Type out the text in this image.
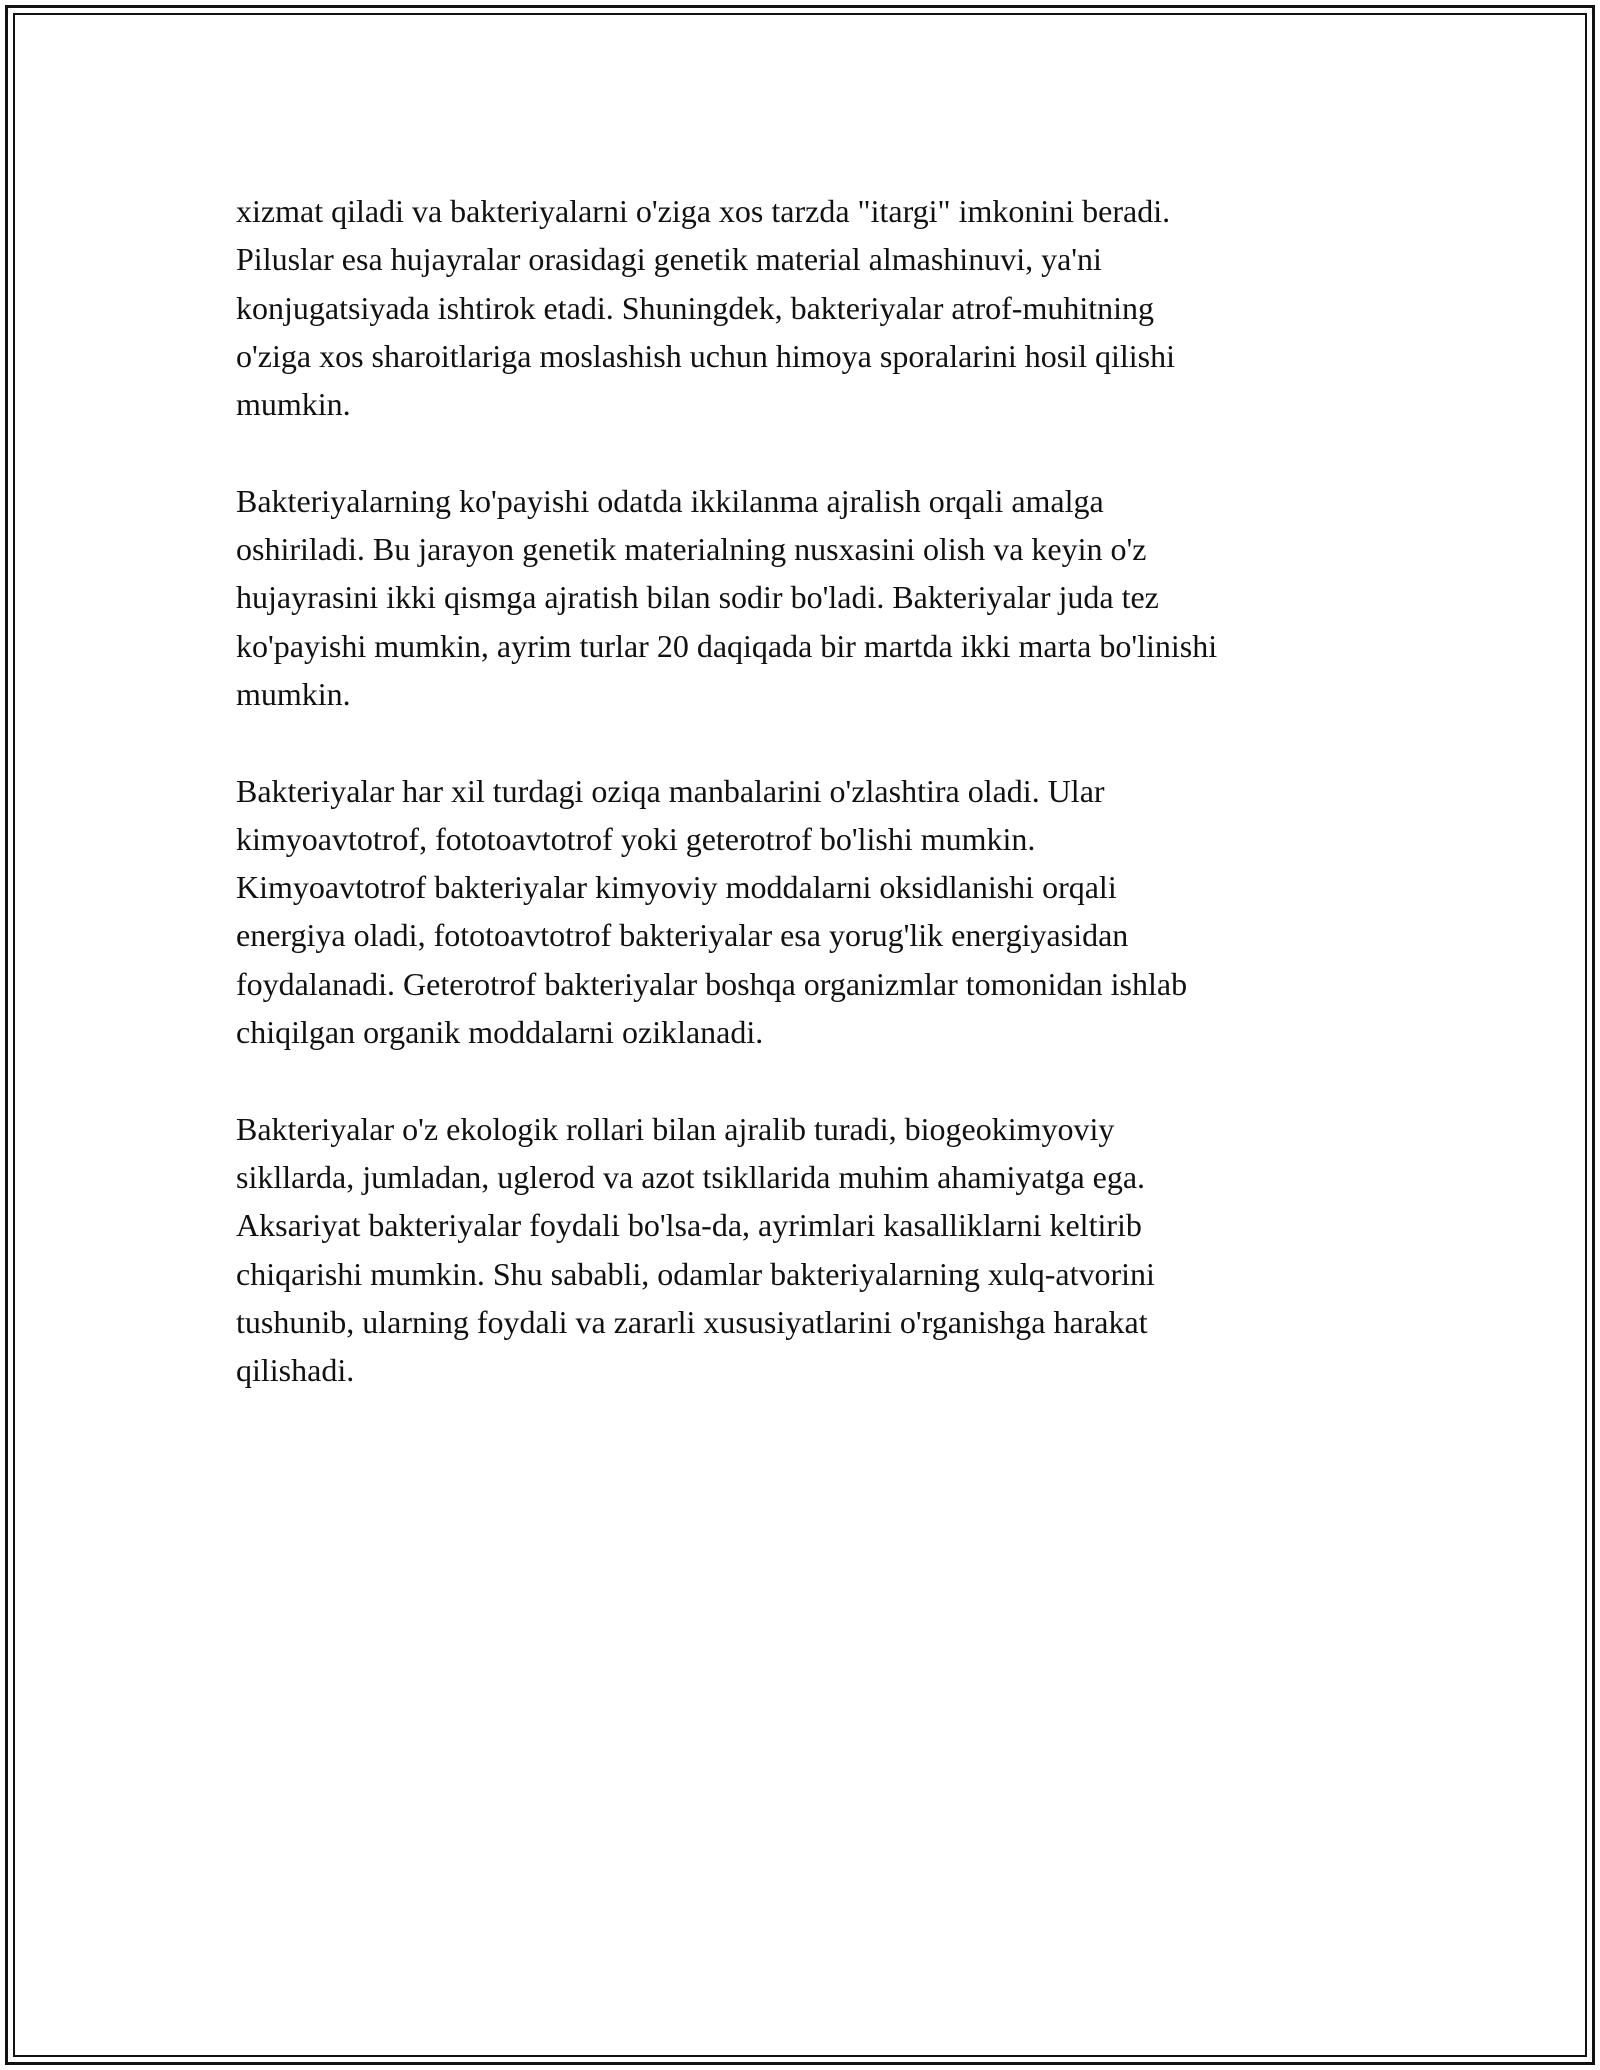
xizmat qiladi va bakteriyalarni o'ziga xos tarzda "itargi" imkonini beradi.
Piluslar esa hujayralar orasidagi genetik material almashinuvi, ya'ni
konjugatsiyada ishtirok etadi. Shuningdek, bakteriyalar atrof-muhitning
o'ziga xos sharoitlariga moslashish uchun himoya sporalarini hosil qilishi
mumkin.

Bakteriyalarning ko'payishi odatda ikkilanma ajralish orqali amalga
oshiriladi. Bu jarayon genetik materialning nusxasini olish va keyin o'z
hujayrasini ikki qismga ajratish bilan sodir bo'ladi. Bakteriyalar juda tez
ko'payishi mumkin, ayrim turlar 20 daqiqada bir martda ikki marta bo'linishi
mumkin.

Bakteriyalar har xil turdagi oziqa manbalarini o'zlashtira oladi. Ular
kimyoavtotrof, fototoavtotrof yoki geterotrof bo'lishi mumkin.
Kimyoavtotrof bakteriyalar kimyoviy moddalarni oksidlanishi orqali
energiya oladi, fototoavtotrof bakteriyalar esa yorug'lik energiyasidan
foydalanadi. Geterotrof bakteriyalar boshqa organizmlar tomonidan ishlab
chiqilgan organik moddalarni oziklanadi.

Bakteriyalar o'z ekologik rollari bilan ajralib turadi, biogeokimyoviy
sikllarda, jumladan, uglerod va azot tsikllarida muhim ahamiyatga ega.
Aksariyat bakteriyalar foydali bo'lsa-da, ayrimlari kasalliklarni keltirib
chiqarishi mumkin. Shu sababli, odamlar bakteriyalarning xulq-atvorini
tushunib, ularning foydali va zararli xususiyatlarini o'rganishga harakat
qilishadi.
